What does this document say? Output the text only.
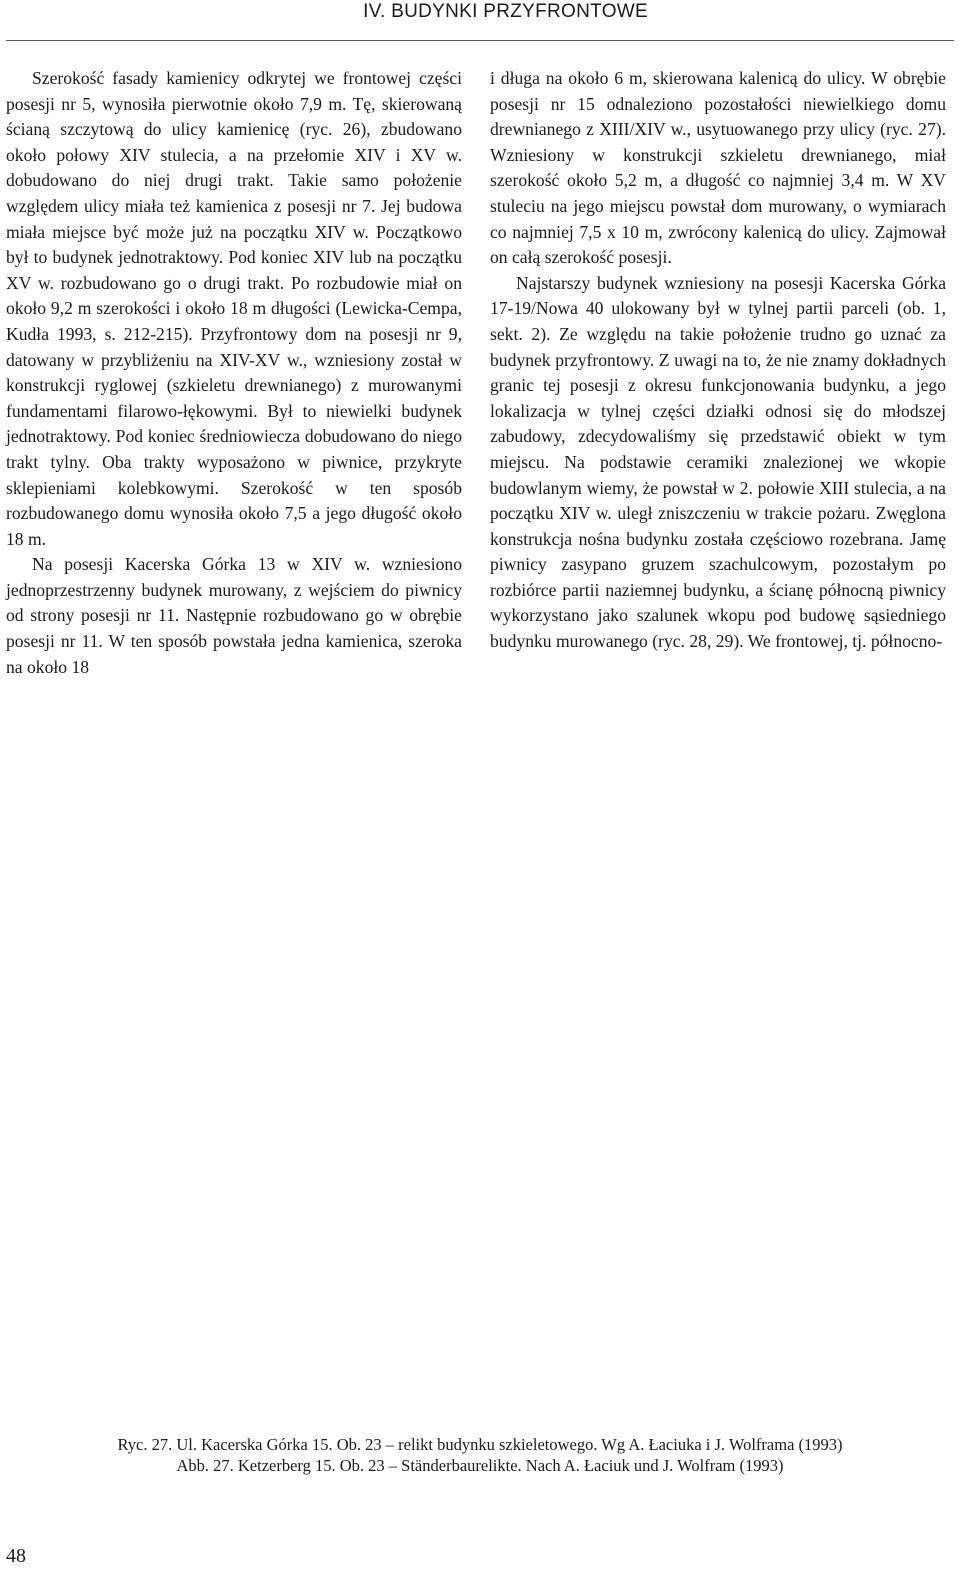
IV. BUDYNKI PRZYFRONTOWE

Szerokość fasady kamienicy odkrytej we frontowej części posesji nr 5, wynosiła pierwotnie około 7,9 m. Tę, skierowaną ścianą szczytową do ulicy kamienicę (ryc. 26), zbudowano około połowy XIV stulecia, a na przełomie XIV i XV w. dobudowano do niej drugi trakt. Takie samo położenie względem ulicy miała też kamienica z posesji nr 7. Jej budowa miała miejsce być może już na początku XIV w. Początkowo był to budynek jednotraktowy. Pod koniec XIV lub na początku XV w. rozbudowano go o drugi trakt. Po rozbudowie miał on około 9,2 m szerokości i około 18 m długości (Lewicka-Cempa, Kudła 1993, s. 212-215). Przyfrontowy dom na posesji nr 9, datowany w przybliżeniu na XIV-XV w., wzniesiony został w konstrukcji ryglowej (szkieletu drewnianego) z murowanymi fundamentami filarowo-łękowymi. Był to niewielki budynek jednotraktowy. Pod koniec średniowiecza dobudowano do niego trakt tylny. Oba trakty wyposażono w piwnice, przykryte sklepieniami kolebkowymi. Szerokość w ten sposób rozbudowanego domu wynosiła około 7,5 a jego długość około 18 m.

Na posesji Kacerska Górka 13 w XIV w. wzniesiono jednoprzestrzenny budynek murowany, z wejściem do piwnicy od strony posesji nr 11. Następnie rozbudowano go w obrębie posesji nr 11. W ten sposób powstała jedna kamienica, szeroka na około 18

i długa na około 6 m, skierowana kalenicą do ulicy. W obrębie posesji nr 15 odnaleziono pozostałości niewielkiego domu drewnianego z XIII/XIV w., usytuowanego przy ulicy (ryc. 27). Wzniesiony w konstrukcji szkieletu drewnianego, miał szerokość około 5,2 m, a długość co najmniej 3,4 m. W XV stuleciu na jego miejscu powstał dom murowany, o wymiarach co najmniej 7,5 x 10 m, zwrócony kalenicą do ulicy. Zajmował on całą szerokość posesji.

Najstarszy budynek wzniesiony na posesji Kacerska Górka 17-19/Nowa 40 ulokowany był w tylnej partii parceli (ob. 1, sekt. 2). Ze względu na takie położenie trudno go uznać za budynek przyfrontowy. Z uwagi na to, że nie znamy dokładnych granic tej posesji z okresu funkcjonowania budynku, a jego lokalizacja w tylnej części działki odnosi się do młodszej zabudowy, zdecydowaliśmy się przedstawić obiekt w tym miejscu. Na podstawie ceramiki znalezionej we wkopie budowlanym wiemy, że powstał w 2. połowie XIII stulecia, a na początku XIV w. uległ zniszczeniu w trakcie pożaru. Zwęglona konstrukcja nośna budynku została częściowo rozebrana. Jamę piwnicy zasypano gruzem szachulcowym, pozostałym po rozbiórce partii naziemnej budynku, a ścianę północną piwnicy wykorzystano jako szalunek wkopu pod budowę sąsiedniego budynku murowanego (ryc. 28, 29). We frontowej, tj. północno-

Ryc. 27. Ul. Kacerska Górka 15. Ob. 23 – relikt budynku szkieletowego. Wg A. Łaciuka i J. Wolframa (1993)
Abb. 27. Ketzerberg 15. Ob. 23 – Ständerbaurelikte. Nach A. Łaciuk und J. Wolfram (1993)
48
